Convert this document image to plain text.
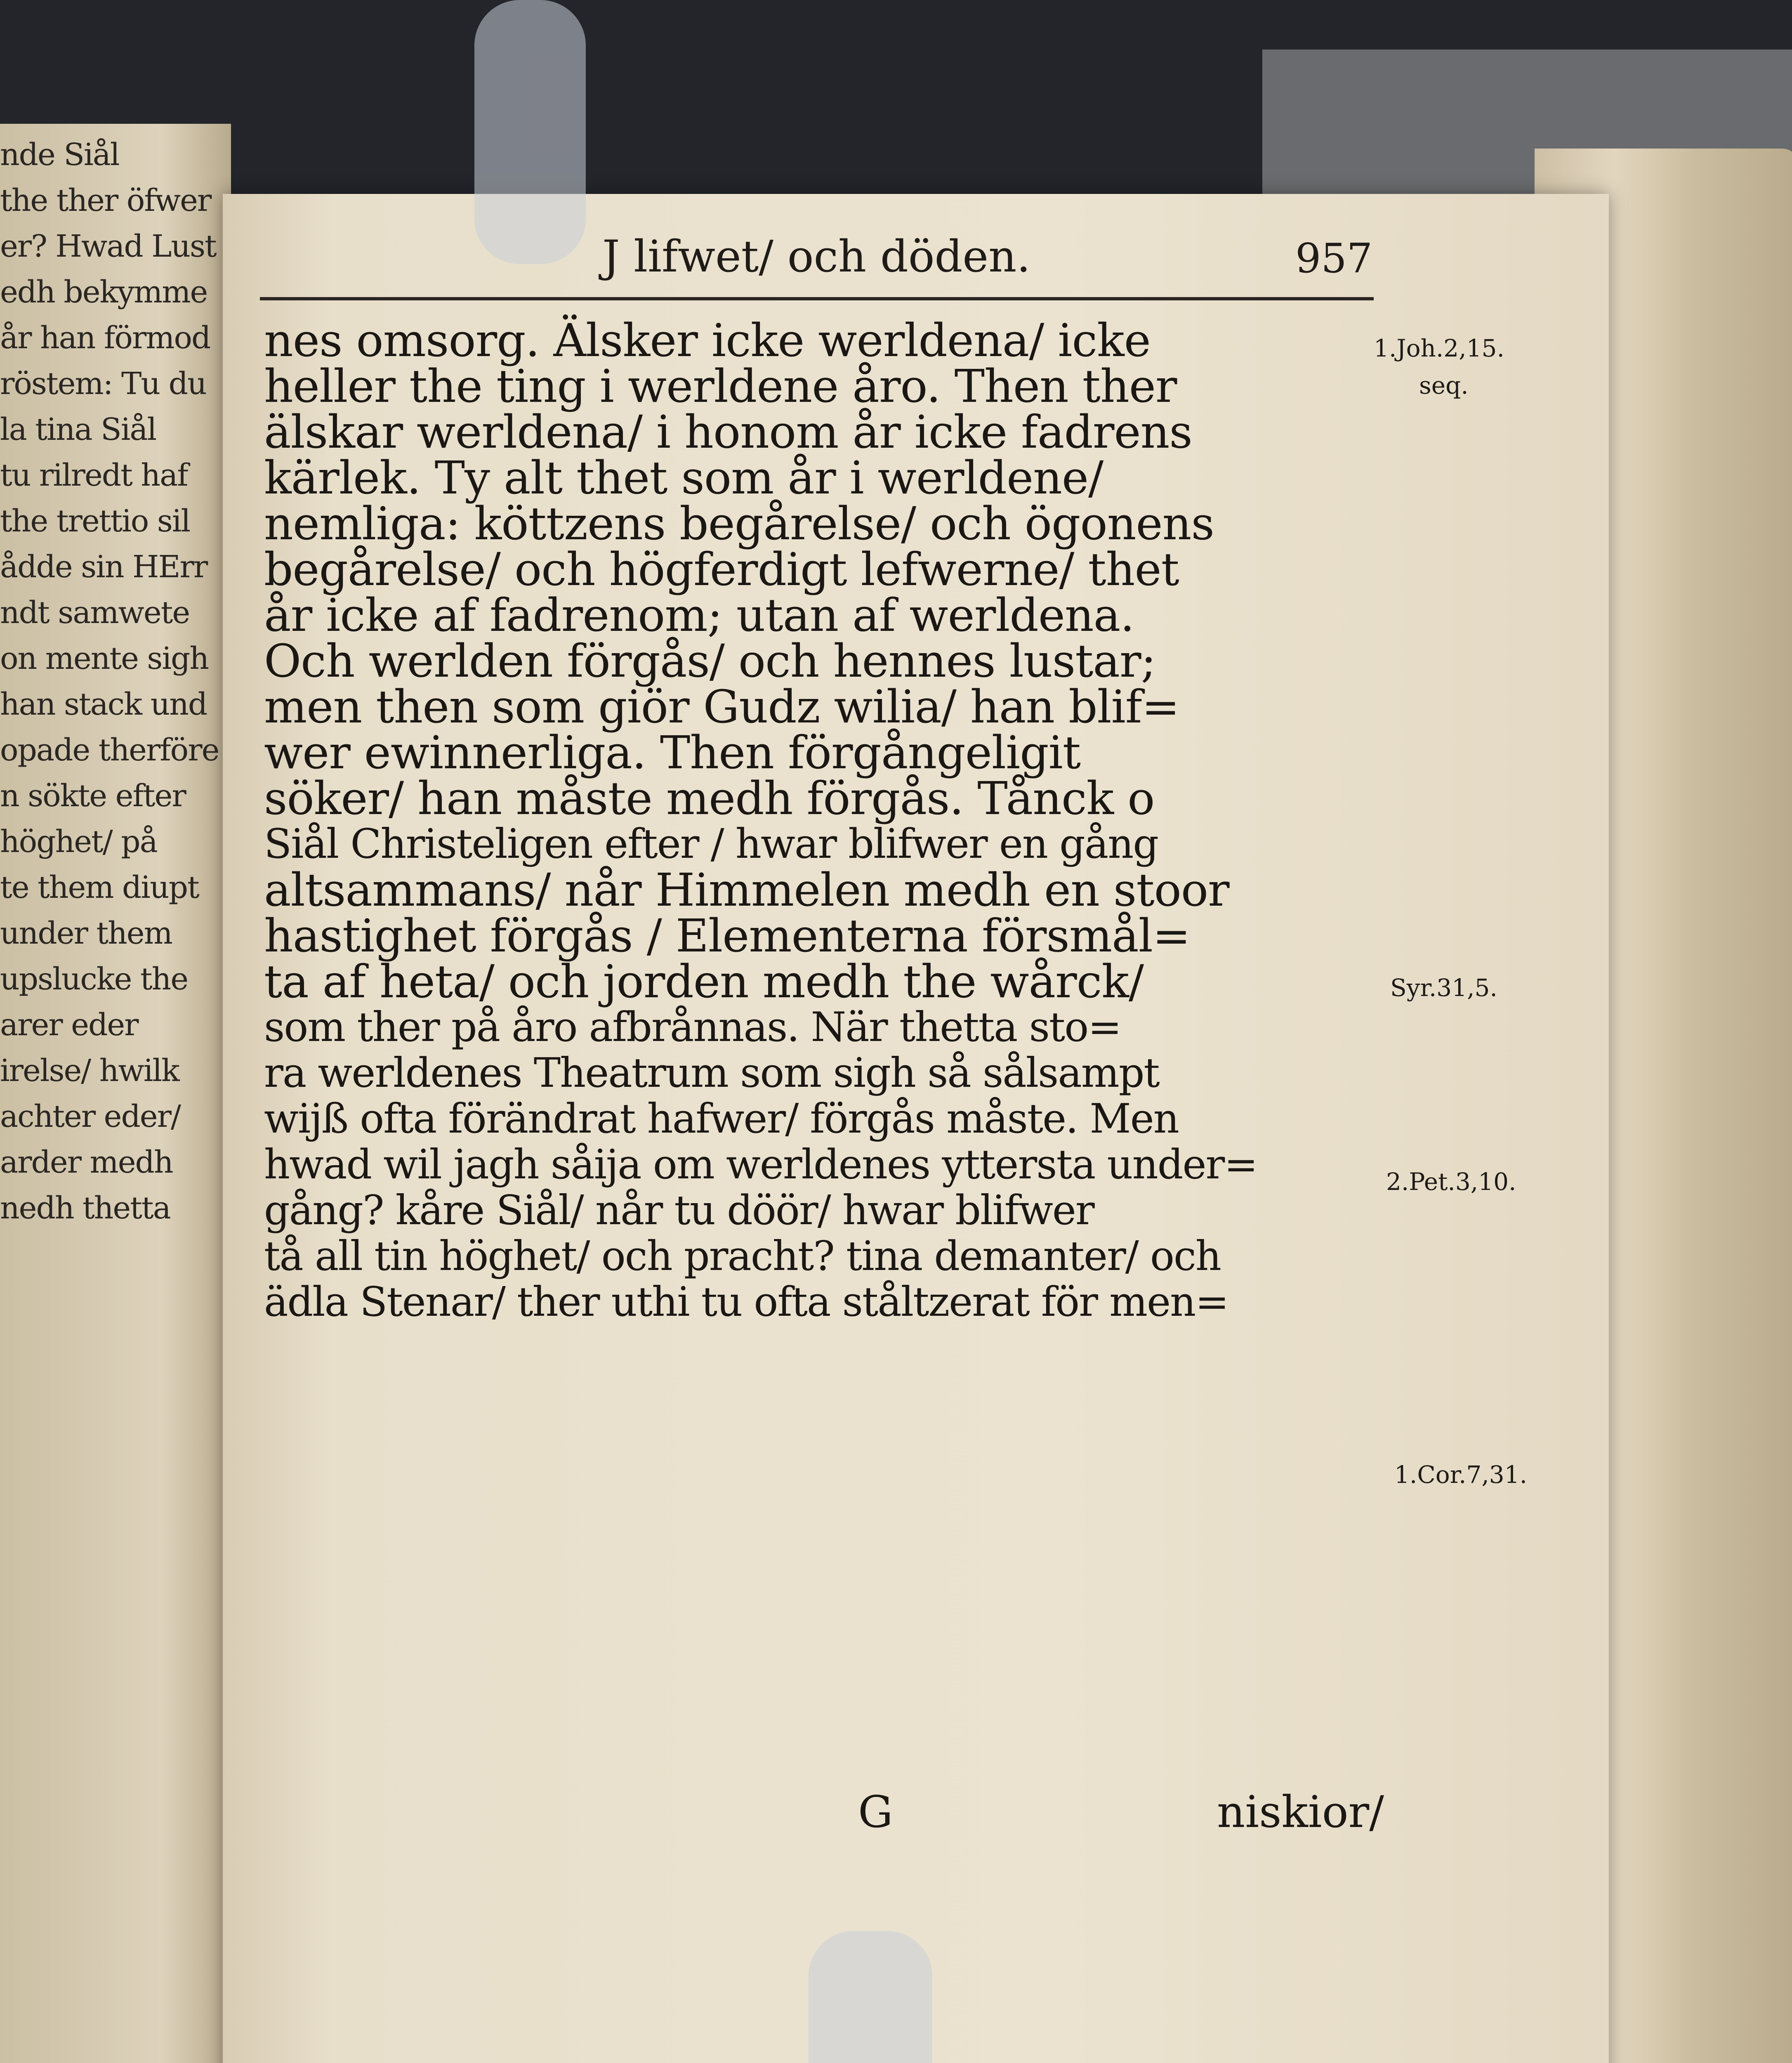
nde Siål
the ther öfwer
er? Hwad Lust
edh bekymme
år han förmod
röstem: Tu du
la tina Siål
tu rilredt haf
the trettio sil
ådde sin HErr
ndt samwete
on mente sigh
han stack und
opade therföre
n sökte efter
höghet/ på
te them diupt
under them
upslucke the
arer eder
irelse/ hwilk
achter eder/
arder medh
nedh thetta
J lifwet/ och döden.	957
nes omsorg. Älsker icke werldena/ icke
heller the ting i werldene åro. Then ther
älskar werldena/ i honom år icke fadrens
kärlek. Ty alt thet som år i werldene/
nemliga: köttzens begårelse/ och ögonens
begårelse/ och högferdigt lefwerne/ thet
år icke af fadrenom; utan af werldena.
Och werlden förgås/ och hennes lustar;
men then som giör Gudz wilia/ han blif=
wer ewinnerliga. Then förgångeligit
söker/ han måste medh förgås. Tånck o
Siål Christeligen efter / hwar blifwer en gång
altsammans/ når Himmelen medh en stoor
hastighet förgås / Elementerna försmål=
ta af heta/ och jorden medh the wårck/
som ther på åro afbrånnas. När thetta sto=
ra werldenes Theatrum som sigh så sålsampt
wijß ofta förändrat hafwer/ förgås måste. Men
hwad wil jagh såija om werldenes yttersta under=
gång? kåre Siål/ når tu döör/ hwar blifwer
tå all tin höghet/ och pracht? tina demanter/ och
ädla Stenar/ ther uthi tu ofta ståltzerat för men=
G	niskior/
1.Joh.2,15.
seq.
Syr.31,5.
2.Pet.3,10.
1.Cor.7,31.
